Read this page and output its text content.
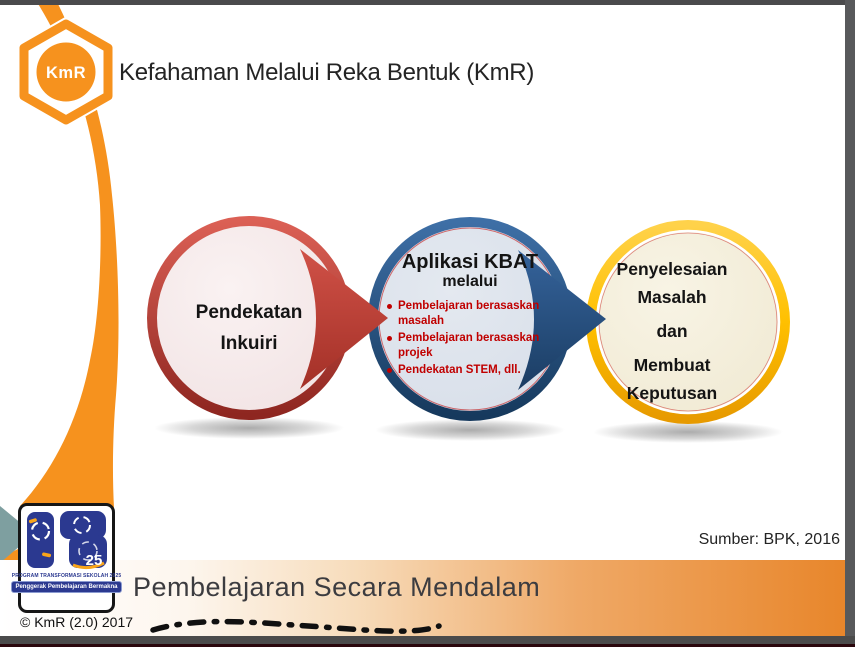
KmR Kefahaman Melalui Reka Bentuk (KmR)
Pendekatan
Inkuiri
Aplikasi KBAT
melalui
Pembelajaran berasaskan masalah
Pembelajaran berasaskan projek
Pendekatan STEM, dll.
Penyelesaian Masalah
dan
Membuat Keputusan
Sumber: BPK, 2016
Pembelajaran Secara Mendalam
25
PROGRAM TRANSFORMASI SEKOLAH 2025
Penggerak Pembelajaran Bermakna
© KmR (2.0) 2017
